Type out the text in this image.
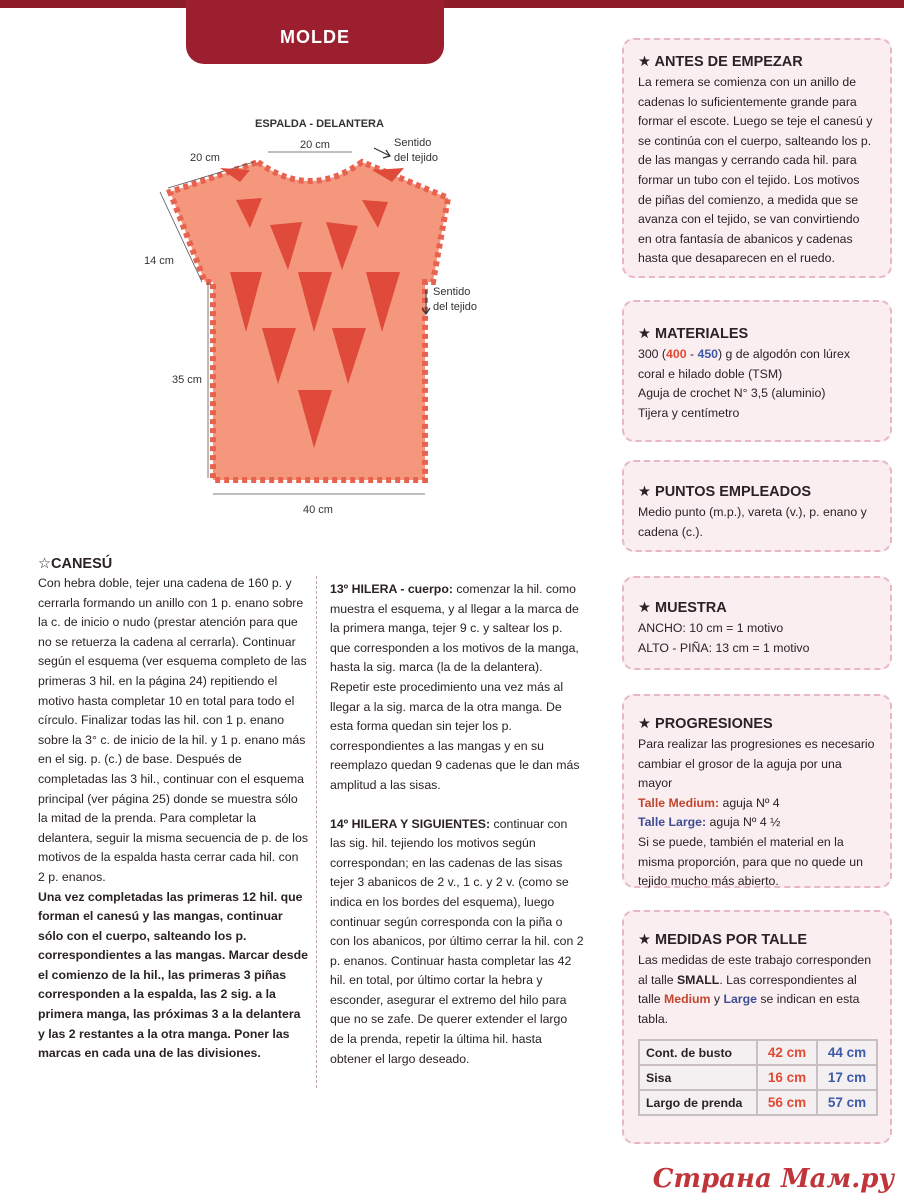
MOLDE
ESPALDA - DELANTERA
20 cm
20 cm	Sentido
del tejido
14 cm
Sentido
del tejido
35 cm
40 cm
☆CANESÚ

Con hebra doble, tejer una cadena de 160 p. y cerrarla formando un anillo con 1 p. enano sobre la c. de inicio o nudo (prestar atención para que no se retuerza la cadena al cerrarla). Continuar según el esquema (ver esquema completo de las primeras 3 hil. en la página 24) repitiendo el motivo hasta completar 10 en total para todo el círculo. Finalizar todas las hil. con 1 p. enano sobre la 3° c. de inicio de la hil. y 1 p. enano más en el sig. p. (c.) de base. Después de completadas las 3 hil., continuar con el esquema principal (ver página 25) donde se muestra sólo la mitad de la prenda. Para completar la delantera, seguir la misma secuencia de p. de los motivos de la espalda hasta cerrar cada hil. con 2 p. enanos.
Una vez completadas las primeras 12 hil. que forman el canesú y las mangas, continuar sólo con el cuerpo, salteando los p. correspondientes a las mangas. Marcar desde el comienzo de la hil., las primeras 3 piñas corresponden a la espalda, las 2 sig. a la primera manga, las próximas 3 a la delantera y las 2 restantes a la otra manga. Poner las marcas en cada una de las divisiones.

13º HILERA - cuerpo: comenzar la hil. como muestra el esquema, y al llegar a la marca de la primera manga, tejer 9 c. y saltear los p. que corresponden a los motivos de la manga, hasta la sig. marca (la de la delantera). Repetir este procedimiento una vez más al llegar a la sig. marca de la otra manga. De esta forma quedan sin tejer los p. correspondientes a las mangas y en su reemplazo quedan 9 cadenas que le dan más amplitud a las sisas.

14º HILERA Y SIGUIENTES: continuar con las sig. hil. tejiendo los motivos según correspondan; en las cadenas de las sisas tejer 3 abanicos de 2 v., 1 c. y 2 v. (como se indica en los bordes del esquema), luego continuar según corresponda con la piña o con los abanicos, por último cerrar la hil. con 2 p. enanos. Continuar hasta completar las 42 hil. en total, por último cortar la hebra y esconder, asegurar el extremo del hilo para que no se zafe. De querer extender el largo de la prenda, repetir la última hil. hasta obtener el largo deseado.

★ ANTES DE EMPEZAR
La remera se comienza con un anillo de cadenas lo suficientemente grande para formar el escote. Luego se teje el canesú y se continúa con el cuerpo, salteando los p. de las mangas y cerrando cada hil. para formar un tubo con el tejido. Los motivos de piñas del comienzo, a medida que se avanza con el tejido, se van convirtiendo en otra fantasía de abanicos y cadenas hasta que desaparecen en el ruedo.
★ MATERIALES
300 (400 - 450) g de algodón con lúrex coral e hilado doble (TSM)
Aguja de crochet N° 3,5 (aluminio)
Tijera y centímetro
★ PUNTOS EMPLEADOS
Medio punto (m.p.), vareta (v.), p. enano y cadena (c.).
★ MUESTRA
ANCHO: 10 cm = 1 motivo
ALTO - PIÑA: 13 cm = 1 motivo
★ PROGRESIONES
Para realizar las progresiones es necesario cambiar el grosor de la aguja por una mayor
Talle Medium: aguja Nº 4
Talle Large: aguja Nº 4 ½
Si se puede, también el material en la misma proporción, para que no quede un tejido mucho más abierto.
★ MEDIDAS POR TALLE
Las medidas de este trabajo corresponden al talle SMALL. Las correspondientes al talle Medium y Large se indican en esta tabla.
Cont. de busto	42 cm	44 cm
Sisa	16 cm	17 cm
Largo de prenda	56 cm	57 cm
Страна Мам.ру
